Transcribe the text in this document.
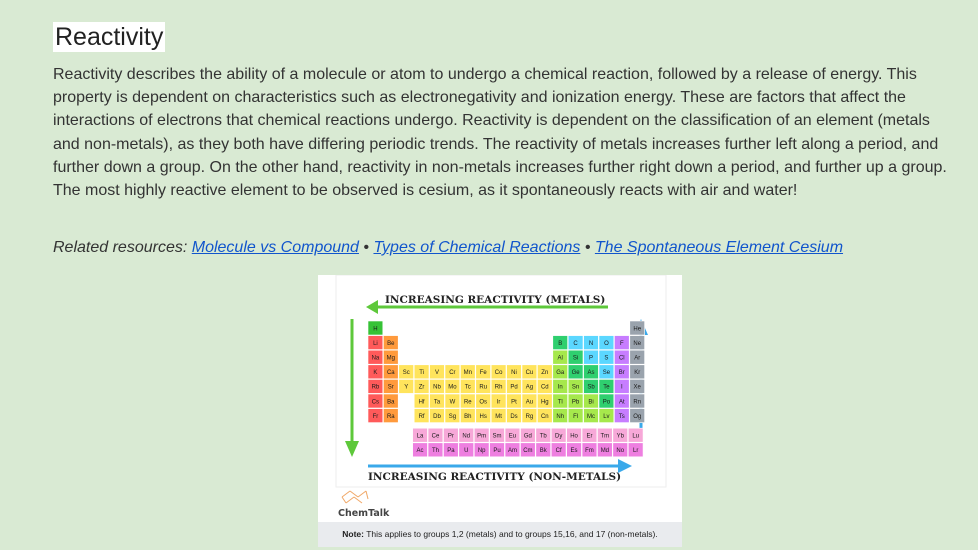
Reactivity

Reactivity describes the ability of a molecule or atom to undergo a chemical reaction, followed by a release of energy. This property is dependent on characteristics such as electronegativity and ionization energy. These are factors that affect the interactions of electrons that chemical reactions undergo. Reactivity is dependent on the classification of an element (metals and non-metals), as they both have differing periodic trends. The reactivity of metals increases further left along a period, and further down a group. On the other hand, reactivity in non-metals increases further right down a period, and further up a group. The most highly reactive element to be observed is cesium, as it spontaneously reacts with air and water!

Related resources: Molecule vs Compound • Types of Chemical Reactions • The Spontaneous Element Cesium
INCREASING REACTIVITY (METALS)
INCREASING REACTIVITY (NON-METALS)
H	He
Li Be	B C N O F Ne
Na Mg	Al Si P S Cl Ar
K Ca Sc Ti V Cr Mn Fe Co Ni Cu Zn Ga Ge As Se Br Kr
Rb Sr Y Zr Nb Mo Tc Ru Rh Pd Ag Cd In Sn Sb Te I Xe
Cs Ba	Hf Ta W Re Os Ir Pt Au Hg Tl Pb Bi Po At Rn
Fr Ra	Rf Db Sg Bh Hs Mt Ds Rg Cn Nh Fl Mc Lv Ts Og
La Ce Pr Nd Pm Sm Eu Gd Tb Dy Ho Er Tm Yb Lu
Ac Th Pa U Np Pu Am Cm Bk Cf Es Fm Md No Lr
ChemTalk
Note: This applies to groups 1,2 (metals) and to groups 15,16, and 17 (non-metals).
